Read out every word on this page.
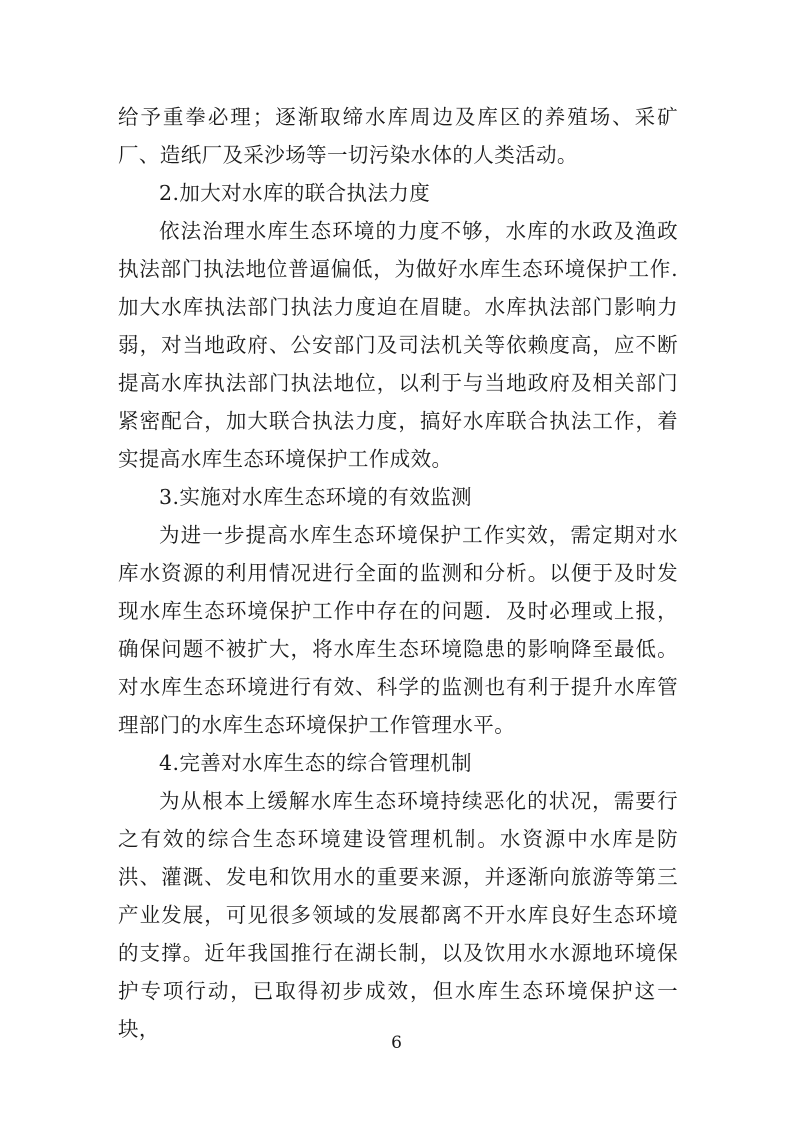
给予重拳必理；逐渐取缔水库周边及库区的养殖场、采矿厂、造纸厂及采沙场等一切污染水体的人类活动。

2.加大对水库的联合执法力度

依法治理水库生态环境的力度不够，水库的水政及渔政执法部门执法地位普逼偏低，为做好水库生态环境保护工作.加大水库执法部门执法力度迫在眉睫。水库执法部门影响力弱，对当地政府、公安部门及司法机关等依赖度高，应不断提高水库执法部门执法地位，以利于与当地政府及相关部门紧密配合，加大联合执法力度，搞好水库联合执法工作，着实提高水库生态环境保护工作成效。

3.实施对水库生态环境的有效监测

为进一步提高水库生态环境保护工作实效，需定期对水库水资源的利用情况进行全面的监测和分析。以便于及时发现水库生态环境保护工作中存在的问题．及时必理或上报，确保问题不被扩大，将水库生态环境隐患的影响降至最低。对水库生态环境进行有效、科学的监测也有利于提升水库管理部门的水库生态环境保护工作管理水平。

4.完善对水库生态的综合管理机制

为从根本上缓解水库生态环境持续恶化的状况，需要行之有效的综合生态环境建设管理机制。水资源中水库是防洪、灌溉、发电和饮用水的重要来源，并逐渐向旅游等第三产业发展，可见很多领域的发展都离不开水库良好生态环境的支撑。近年我国推行在湖长制，以及饮用水水源地环境保护专项行动，已取得初步成效，但水库生态环境保护这一块，

6
